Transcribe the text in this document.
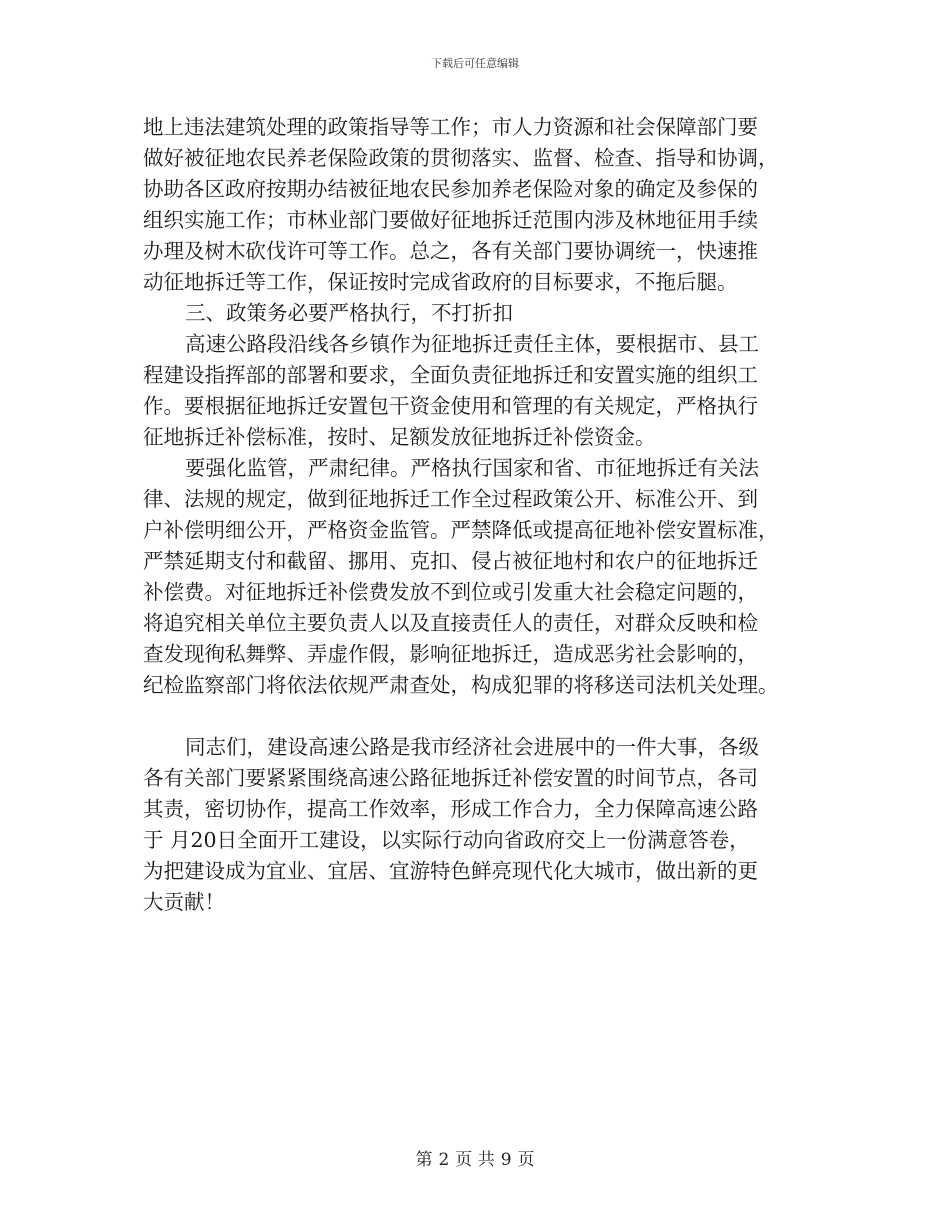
下载后可任意编辑

地上违法建筑处理的政策指导等工作；市人力资源和社会保障部门要

做好被征地农民养老保险政策的贯彻落实、监督、检查、指导和协调，

协助各区政府按期办结被征地农民参加养老保险对象的确定及参保的

组织实施工作；市林业部门要做好征地拆迁范围内涉及林地征用手续

办理及树木砍伐许可等工作。总之，各有关部门要协调统一，快速推

动征地拆迁等工作，保证按时完成省政府的目标要求，不拖后腿。

三、政策务必要严格执行，不打折扣

高速公路段沿线各乡镇作为征地拆迁责任主体，要根据市、县工

程建设指挥部的部署和要求，全面负责征地拆迁和安置实施的组织工

作。要根据征地拆迁安置包干资金使用和管理的有关规定，严格执行

征地拆迁补偿标准，按时、足额发放征地拆迁补偿资金。

要强化监管，严肃纪律。严格执行国家和省、市征地拆迁有关法

律、法规的规定，做到征地拆迁工作全过程政策公开、标准公开、到

户补偿明细公开，严格资金监管。严禁降低或提高征地补偿安置标准，

严禁延期支付和截留、挪用、克扣、侵占被征地村和农户的征地拆迁

补偿费。对征地拆迁补偿费发放不到位或引发重大社会稳定问题的，

将追究相关单位主要负责人以及直接责任人的责任，对群众反映和检

查发现徇私舞弊、弄虚作假，影响征地拆迁，造成恶劣社会影响的，

纪检监察部门将依法依规严肃查处，构成犯罪的将移送司法机关处理。

同志们，建设高速公路是我市经济社会进展中的一件大事，各级

各有关部门要紧紧围绕高速公路征地拆迁补偿安置的时间节点，各司

其责，密切协作，提高工作效率，形成工作合力，全力保障高速公路

于 月20日全面开工建设，以实际行动向省政府交上一份满意答卷，

为把建设成为宜业、宜居、宜游特色鲜亮现代化大城市，做出新的更

大贡献！

第 2 页 共 9 页
